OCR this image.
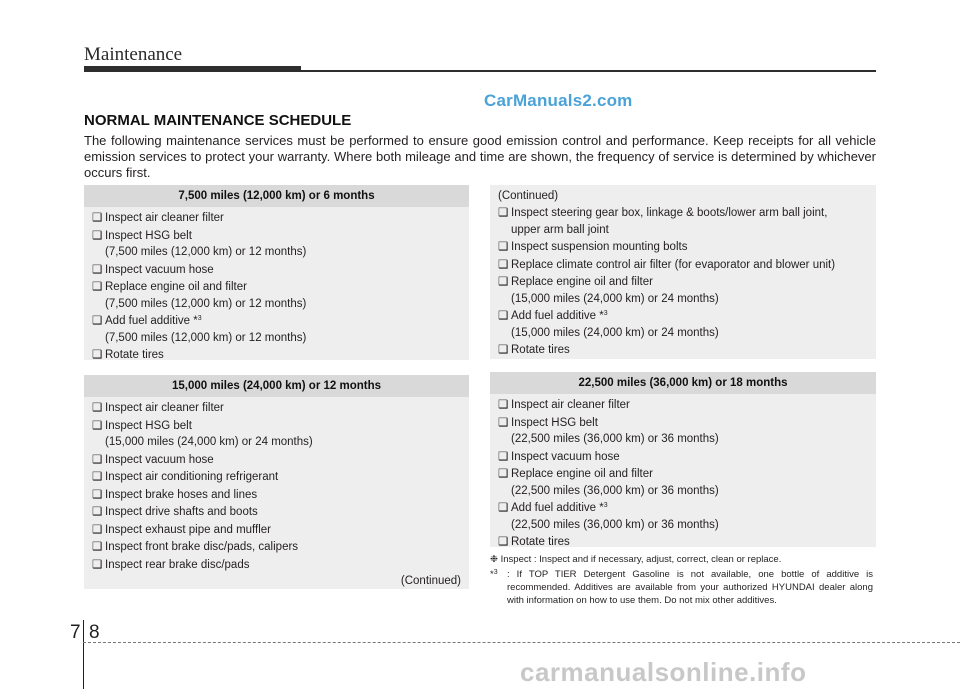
Maintenance
CarManuals2.com
NORMAL MAINTENANCE SCHEDULE
The following maintenance services must be performed to ensure good emission control and performance. Keep receipts for all vehicle emission services to protect your warranty. Where both mileage and time are shown, the frequency of service is determined by whichever occurs first.
7,500 miles (12,000 km) or 6 months
❑ Inspect air cleaner filter
❑ Inspect HSG belt
(7,500 miles (12,000 km) or 12 months)
❑ Inspect vacuum hose
❑ Replace engine oil and filter
(7,500 miles (12,000 km) or 12 months)
❑ Add fuel additive *$^3$
(7,500 miles (12,000 km) or 12 months)
❑ Rotate tires
(Continued)
❑ Inspect steering gear box, linkage & boots/lower arm ball joint,
upper arm ball joint
❑ Inspect suspension mounting bolts
❑ Replace climate control air filter (for evaporator and blower unit)
❑ Replace engine oil and filter
(15,000 miles (24,000 km) or 24 months)
❑ Add fuel additive *$^3$
(15,000 miles (24,000 km) or 24 months)
❑ Rotate tires
15,000 miles (24,000 km) or 12 months
❑ Inspect air cleaner filter
❑ Inspect HSG belt
(15,000 miles (24,000 km) or 24 months)
❑ Inspect vacuum hose
❑ Inspect air conditioning refrigerant
❑ Inspect brake hoses and lines
❑ Inspect drive shafts and boots
❑ Inspect exhaust pipe and muffler
❑ Inspect front brake disc/pads, calipers
❑ Inspect rear brake disc/pads
(Continued)
22,500 miles (36,000 km) or 18 months
❑ Inspect air cleaner filter
❑ Inspect HSG belt
(22,500 miles (36,000 km) or 36 months)
❑ Inspect vacuum hose
❑ Replace engine oil and filter
(22,500 miles (36,000 km) or 36 months)
❑ Add fuel additive *$^3$
(22,500 miles (36,000 km) or 36 months)
❑ Rotate tires
❉ Inspect : Inspect and if necessary, adjust, correct, clean or replace.
*$^3$ : If TOP TIER Detergent Gasoline is not available, one bottle of additive is recommended. Additives are available from your authorized HYUNDAI dealer along with information on how to use them. Do not mix other additives.
7 8
carmanualsonline.info
